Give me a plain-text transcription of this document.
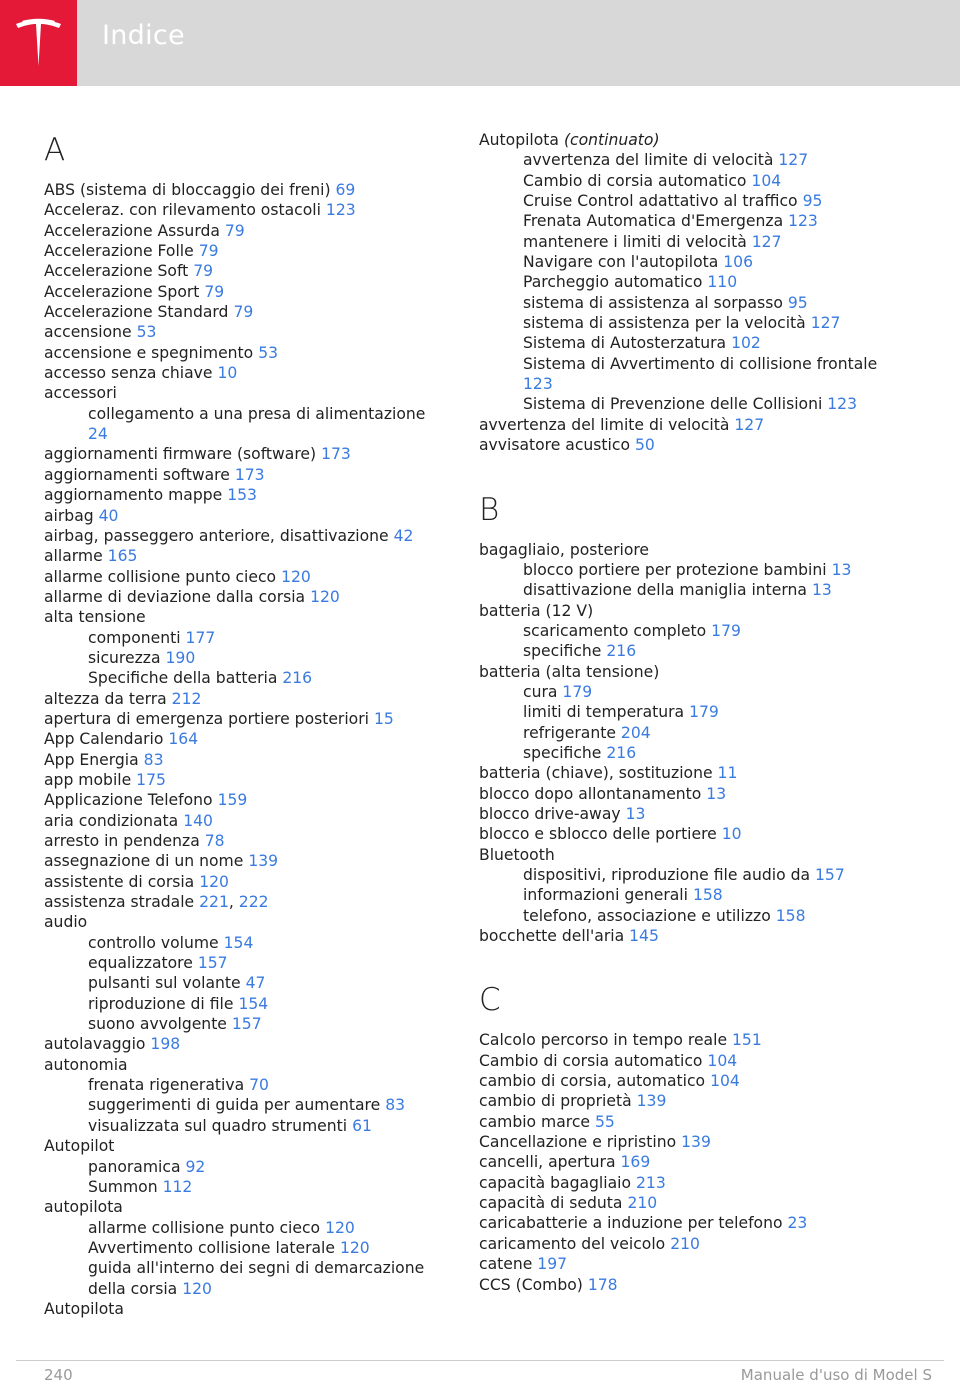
Indice
A
ABS (sistema di bloccaggio dei freni) 69
Acceleraz. con rilevamento ostacoli 123
Accelerazione Assurda 79
Accelerazione Folle 79
Accelerazione Soft 79
Accelerazione Sport 79
Accelerazione Standard 79
accensione 53
accensione e spegnimento 53
accesso senza chiave 10
accessori
collegamento a una presa di alimentazione 24
aggiornamenti firmware (software) 173
aggiornamenti software 173
aggiornamento mappe 153
airbag 40
airbag, passeggero anteriore, disattivazione 42
allarme 165
allarme collisione punto cieco 120
allarme di deviazione dalla corsia 120
alta tensione
componenti 177
sicurezza 190
Specifiche della batteria 216
altezza da terra 212
apertura di emergenza portiere posteriori 15
App Calendario 164
App Energia 83
app mobile 175
Applicazione Telefono 159
aria condizionata 140
arresto in pendenza 78
assegnazione di un nome 139
assistente di corsia 120
assistenza stradale 221, 222
audio
controllo volume 154
equalizzatore 157
pulsanti sul volante 47
riproduzione di file 154
suono avvolgente 157
autolavaggio 198
autonomia
frenata rigenerativa 70
suggerimenti di guida per aumentare 83
visualizzata sul quadro strumenti 61
Autopilot
panoramica 92
Summon 112
autopilota
allarme collisione punto cieco 120
Avvertimento collisione laterale 120
guida all'interno dei segni di demarcazione della corsia 120
Autopilota
Autopilota (continuato)
avvertenza del limite di velocità 127
Cambio di corsia automatico 104
Cruise Control adattativo al traffico 95
Frenata Automatica d'Emergenza 123
mantenere i limiti di velocità 127
Navigare con l'autopilota 106
Parcheggio automatico 110
sistema di assistenza al sorpasso 95
sistema di assistenza per la velocità 127
Sistema di Autosterzatura 102
Sistema di Avvertimento di collisione frontale 123
Sistema di Prevenzione delle Collisioni 123
avvertenza del limite di velocità 127
avvisatore acustico 50
B
bagagliaio, posteriore
blocco portiere per protezione bambini 13
disattivazione della maniglia interna 13
batteria (12 V)
scaricamento completo 179
specifiche 216
batteria (alta tensione)
cura 179
limiti di temperatura 179
refrigerante 204
specifiche 216
batteria (chiave), sostituzione 11
blocco dopo allontanamento 13
blocco drive-away 13
blocco e sblocco delle portiere 10
Bluetooth
dispositivi, riproduzione file audio da 157
informazioni generali 158
telefono, associazione e utilizzo 158
bocchette dell'aria 145
C
Calcolo percorso in tempo reale 151
Cambio di corsia automatico 104
cambio di corsia, automatico 104
cambio di proprietà 139
cambio marce 55
Cancellazione e ripristino 139
cancelli, apertura 169
capacità bagagliaio 213
capacità di seduta 210
caricabatterie a induzione per telefono 23
caricamento del veicolo 210
catene 197
CCS (Combo) 178
240	Manuale d'uso di Model S
